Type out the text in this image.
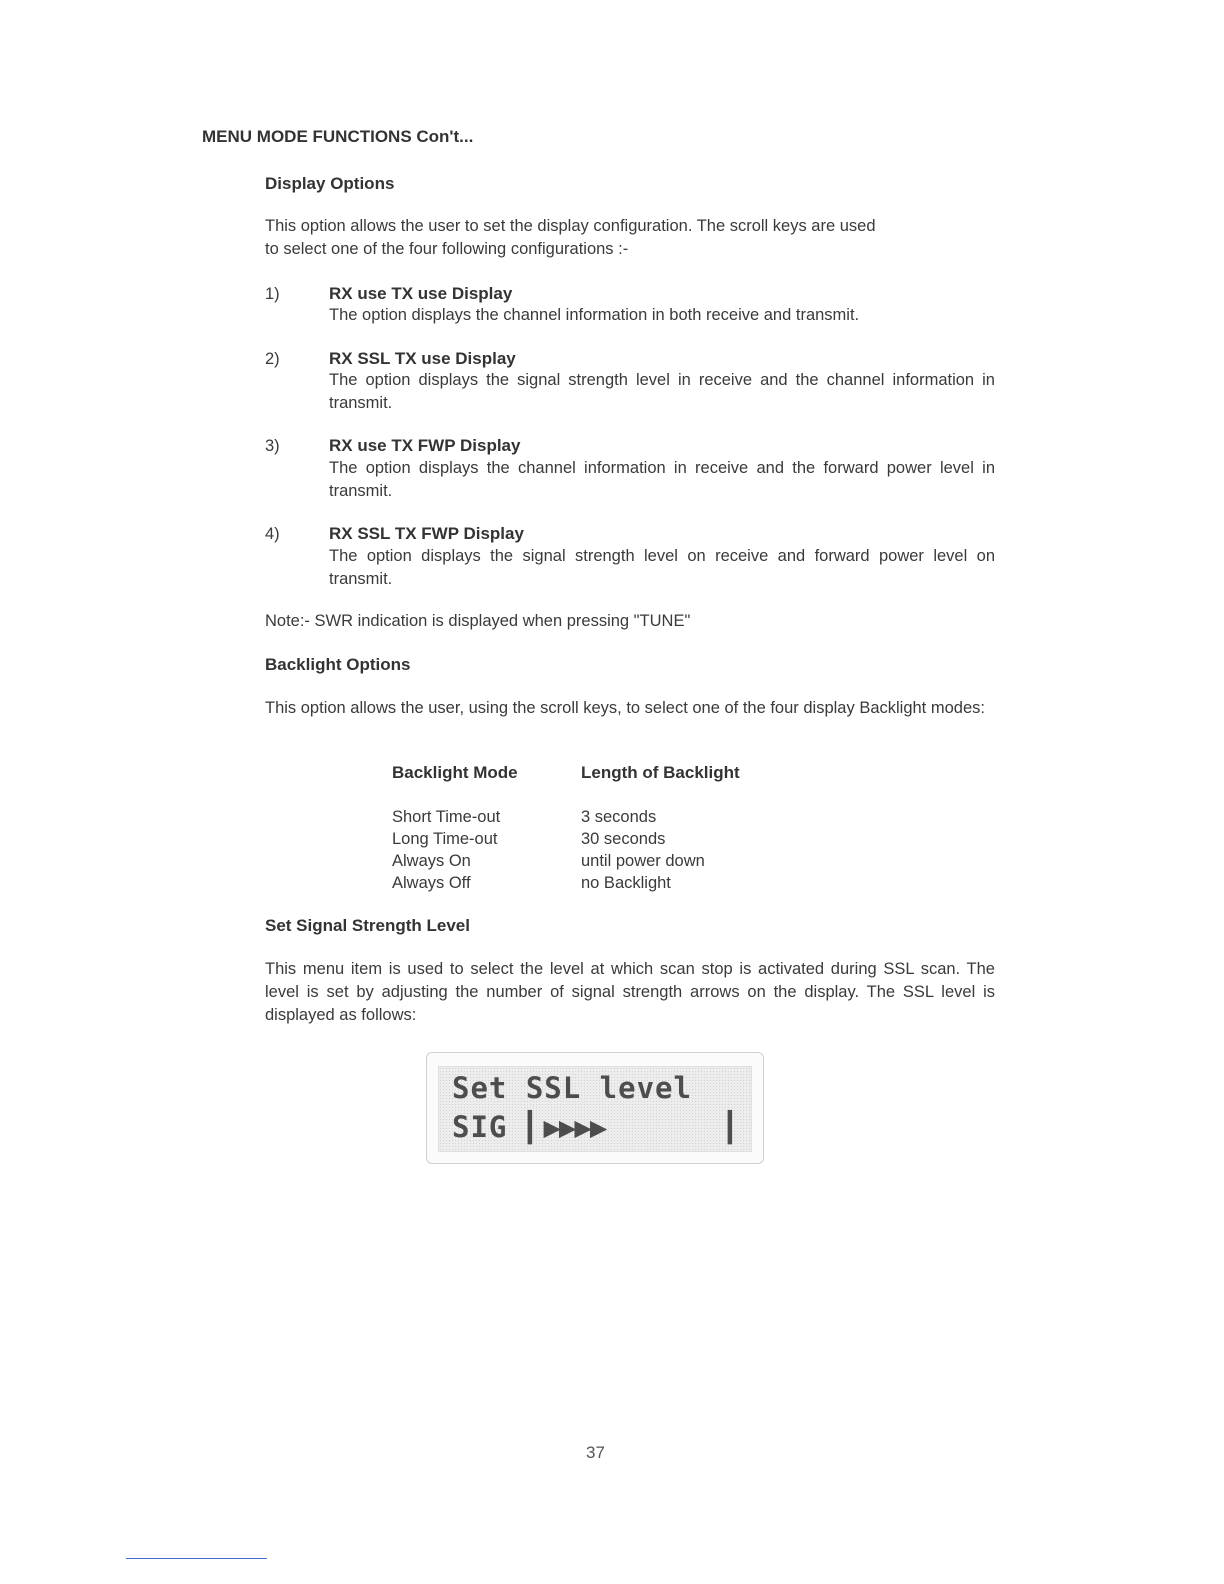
MENU MODE FUNCTIONS Con't...
Display Options
This option allows the user to set the display configuration. The scroll keys are used
to select one of the four following configurations :-
1)	RX use TX use Display
The option displays the channel information in both receive and transmit.
2)	RX SSL TX use Display
The option displays the signal strength level in receive and the channel information in transmit.
3)	RX use TX FWP Display
The option displays the channel information in receive and the forward power level in transmit.
4)	RX SSL TX FWP Display
The option displays the signal strength level on receive and forward power level on transmit.
Note:- SWR indication is displayed when pressing "TUNE"
Backlight Options
This option allows the user, using the scroll keys, to select one of the four display Backlight modes:
Backlight Mode	Length of Backlight
Short Time-out	3 seconds
Long Time-out	30 seconds
Always On	until power down
Always Off	no Backlight
Set Signal Strength Level
This menu item is used to select the level at which scan stop is activated during SSL scan. The level is set by adjusting the number of signal strength arrows on the display. The SSL level is displayed as follows:
Set SSL level
SIG ▎▶▶▶▶	▎
37
